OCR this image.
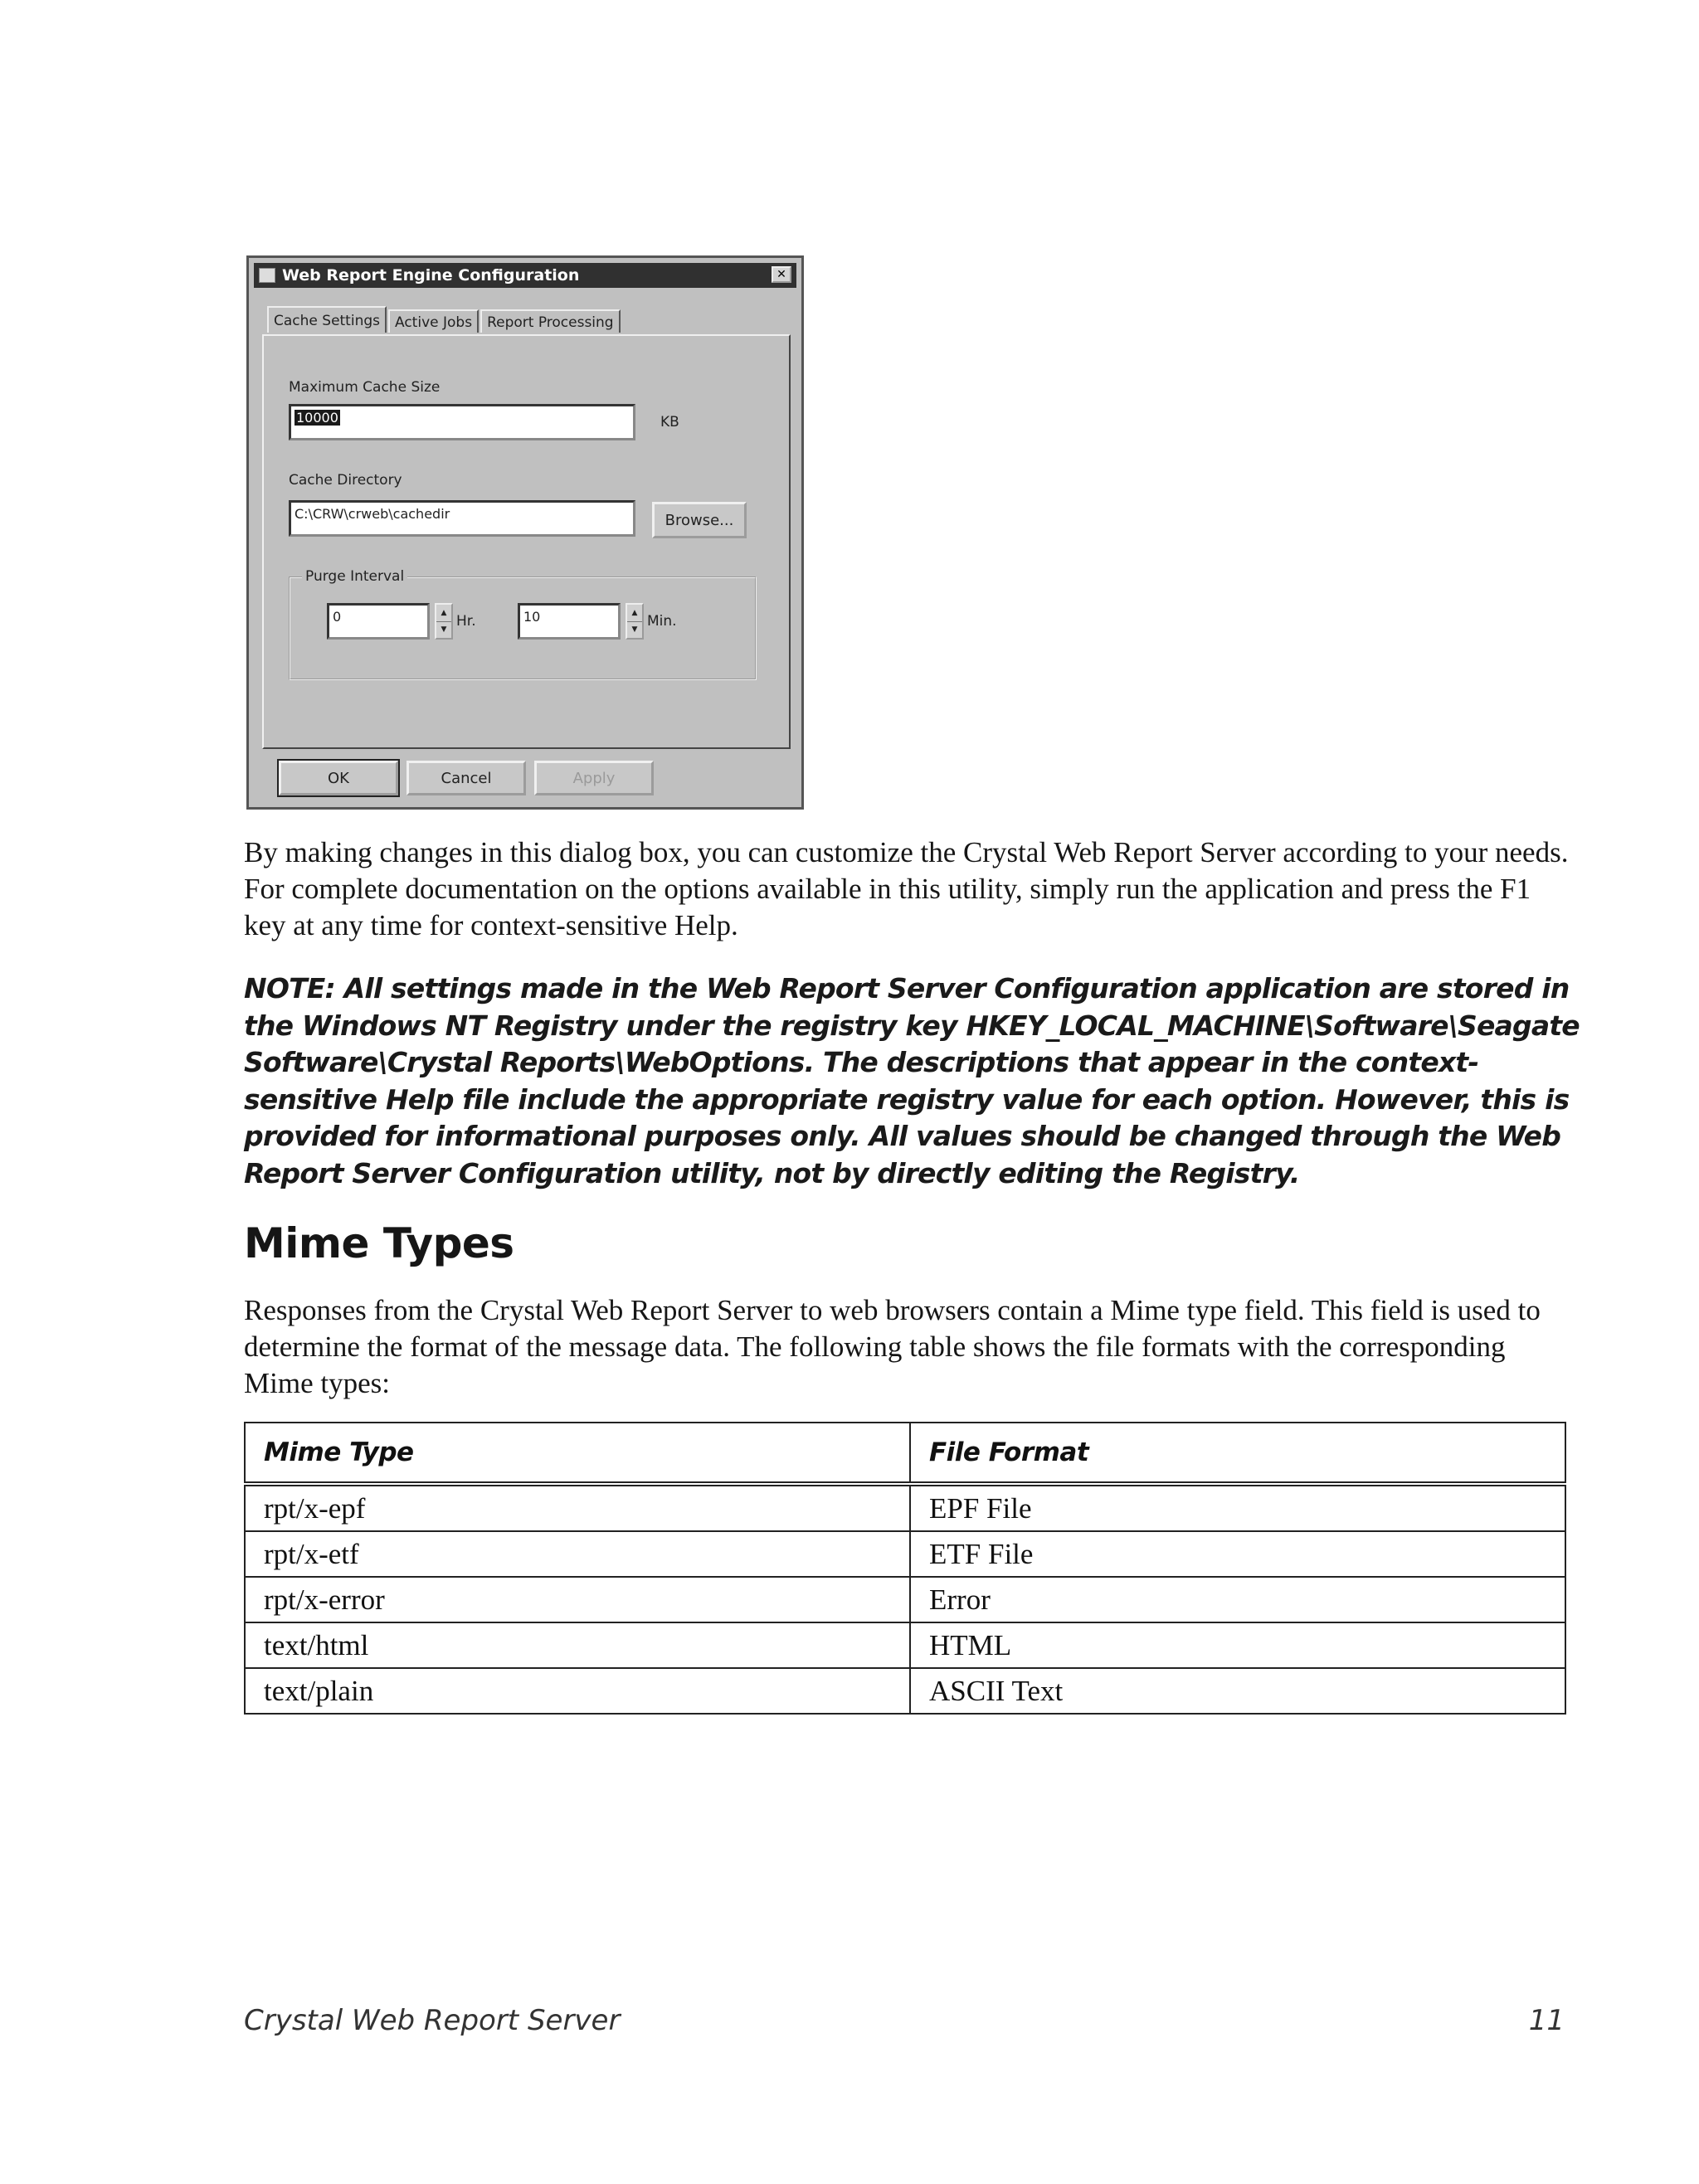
Web Report Engine Configuration	✕
Cache Settings	Active Jobs	Report Processing
Maximum Cache Size
10000	KB
Cache Directory
C:\CRW\crweb\cachedir	Browse...
Purge Interval
0	▲
▼
Hr.	10	▲
▼
Min.
OK	Cancel	Apply

By making changes in this dialog box, you can customize the Crystal Web Report Server according to your needs. For complete documentation on the options available in this utility, simply run the application and press the F1 key at any time for context-sensitive Help.

NOTE: All settings made in the Web Report Server Configuration application are stored in the Windows NT Registry under the registry key HKEY_LOCAL_MACHINE\Software\Seagate Software\Crystal Reports\WebOptions. The descriptions that appear in the context-sensitive Help file include the appropriate registry value for each option. However, this is provided for informational purposes only. All values should be changed through the Web Report Server Configuration utility, not by directly editing the Registry.

Mime Types

Responses from the Crystal Web Report Server to web browsers contain a Mime type field. This field is used to determine the format of the message data. The following table shows the file formats with the corresponding Mime types:

Mime Type	File Format
rpt/x-epf	EPF File
rpt/x-etf	ETF File
rpt/x-error	Error
text/html	HTML
text/plain	ASCII Text
Crystal Web Report Server	11
